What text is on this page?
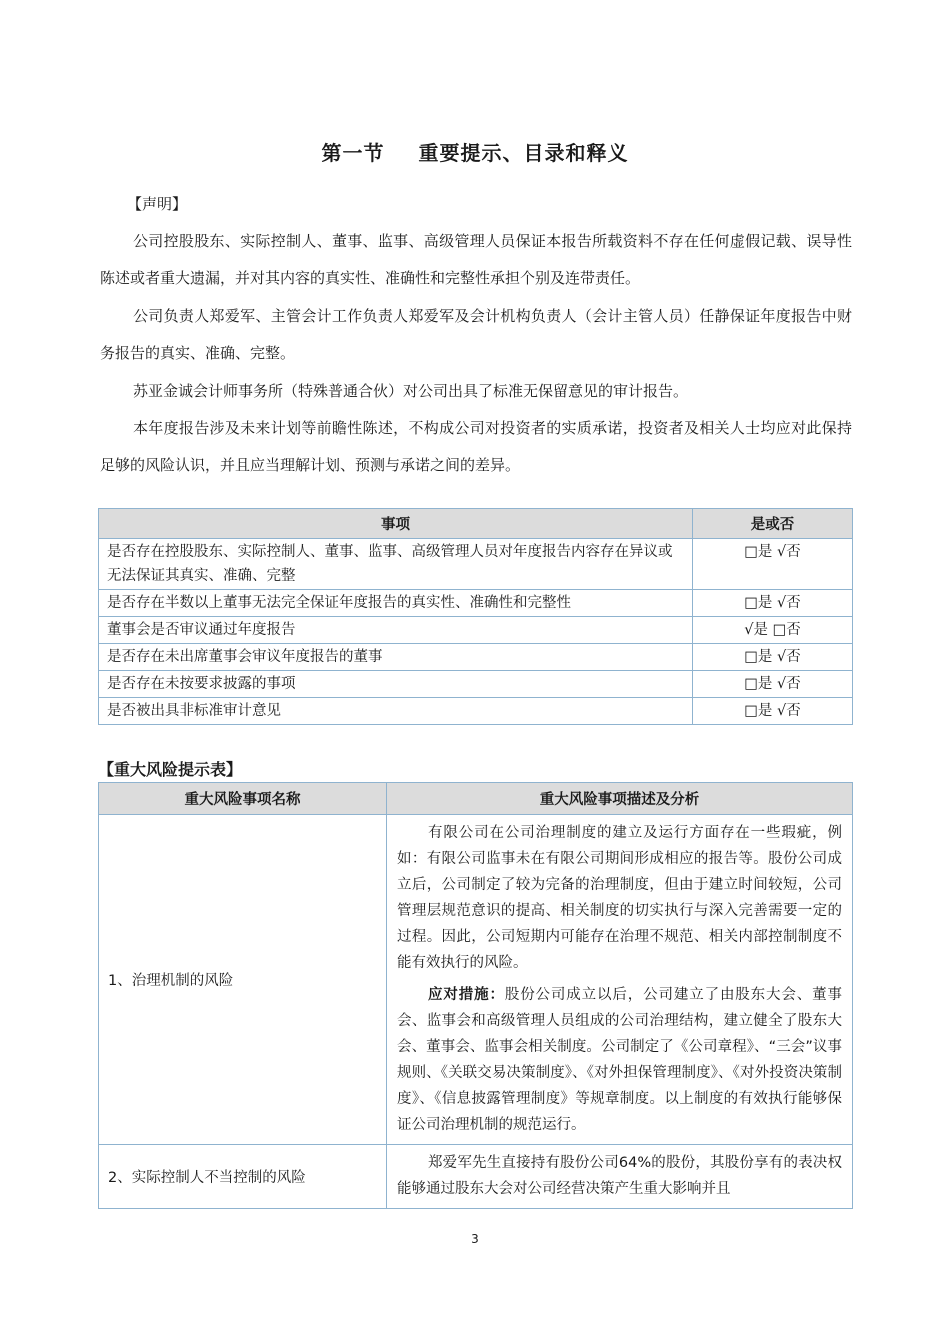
第一节 重要提示、目录和释义
【声明】

公司控股股东、实际控制人、董事、监事、高级管理人员保证本报告所载资料不存在任何虚假记载、误导性陈述或者重大遗漏，并对其内容的真实性、准确性和完整性承担个别及连带责任。

公司负责人郑爱军、主管会计工作负责人郑爱军及会计机构负责人（会计主管人员）任静保证年度报告中财务报告的真实、准确、完整。

苏亚金诚会计师事务所（特殊普通合伙）对公司出具了标准无保留意见的审计报告。

本年度报告涉及未来计划等前瞻性陈述，不构成公司对投资者的实质承诺，投资者及相关人士均应对此保持足够的风险认识，并且应当理解计划、预测与承诺之间的差异。

事项	是或否
是否存在控股股东、实际控制人、董事、监事、高级管理人员对年度报告内容存在异议或无法保证其真实、准确、完整	□是 √否
是否存在半数以上董事无法完全保证年度报告的真实性、准确性和完整性	□是 √否
董事会是否审议通过年度报告	√是 □否
是否存在未出席董事会审议年度报告的董事	□是 √否
是否存在未按要求披露的事项	□是 √否
是否被出具非标准审计意见	□是 √否
【重大风险提示表】
重大风险事项名称	重大风险事项描述及分析
1、治理机制的风险	有限公司在公司治理制度的建立及运行方面存在一些瑕疵，例如：有限公司监事未在有限公司期间形成相应的报告等。股份公司成立后，公司制定了较为完备的治理制度，但由于建立时间较短，公司管理层规范意识的提高、相关制度的切实执行与深入完善需要一定的过程。因此，公司短期内可能存在治理不规范、相关内部控制制度不能有效执行的风险。

应对措施：股份公司成立以后，公司建立了由股东大会、董事会、监事会和高级管理人员组成的公司治理结构，建立健全了股东大会、董事会、监事会相关制度。公司制定了《公司章程》、“三会”议事规则、《关联交易决策制度》、《对外担保管理制度》、《对外投资决策制度》、《信息披露管理制度》等规章制度。以上制度的有效执行能够保证公司治理机制的规范运行。

2、实际控制人不当控制的风险	郑爱军先生直接持有股份公司64%的股份，其股份享有的表决权能够通过股东大会对公司经营决策产生重大影响并且

3
